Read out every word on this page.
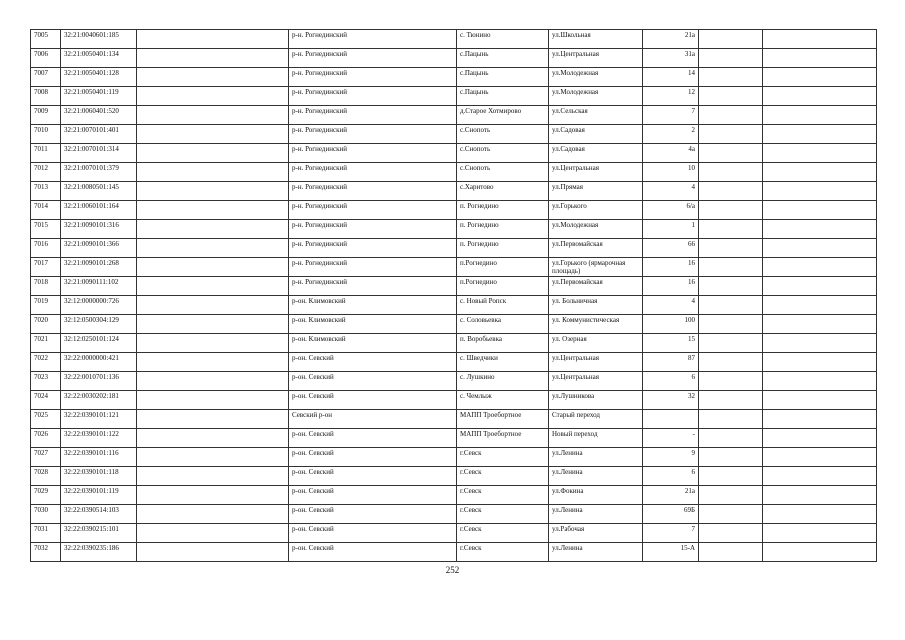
7005	32:21:0040601:185		р-н. Рогнединский	с. Тюнино	ул.Школьная	21а		
7006	32:21:0050401:134		р-н. Рогнединский	с.Пацынь	ул.Центральная	31а		
7007	32:21:0050401:128		р-н. Рогнединский	с.Пацынь	ул.Молодежная	14		
7008	32:21:0050401:119		р-н. Рогнединский	с.Пацынь	ул.Молодежная	12		
7009	32:21:0060401:520		р-н. Рогнединский	д.Старое Хотмирово	ул.Сельская	7		
7010	32:21:0070101:401		р-н. Рогнединский	с.Снопоть	ул.Садовая	2		
7011	32:21:0070101:314		р-н. Рогнединский	с.Снопоть	ул.Садовая	4а		
7012	32:21:0070101:379		р-н. Рогнединский	с.Снопоть	ул.Центральная	10		
7013	32:21:0080501:145		р-н. Рогнединский	с.Харитово	ул.Прямая	4		
7014	32:21:0060101:164		р-н. Рогнединский	п. Рогнедино	ул.Горького	6/а		
7015	32:21:0090101:316		р-н. Рогнединский	п. Рогнедино	ул.Молодежная	1		
7016	32:21:0090101:366		р-н. Рогнединский	п. Рогнедино	ул.Первомайская	66		
7017	32:21:0090101:268		р-н. Рогнединский	п.Рогнедино	ул.Горького (ярмарочная площадь)	16		
7018	32:21:0090111:102		р-н. Рогнединский	п.Рогнедино	ул.Первомайская	16		
7019	32:12:0000000:726		р-он. Климовский	с. Новый Ропск	ул. Больничная	4		
7020	32:12:0500304:129		р-он. Климовский	с. Соловьевка	ул. Коммунистическая	100		
7021	32:12:0250101:124		р-он. Климовский	п. Воробьевка	ул. Озерная	15		
7022	32:22:0000000:421		р-он. Севский	с. Шведчики	ул.Центральная	87		
7023	32:22:0010701:136		р-он. Севский	с. Лушкино	ул.Центральная	6		
7024	32:22:0030202:181		р-он. Севский	с. Чемлыж	ул.Лушникова	32		
7025	32:22:0390101:121		Севский р-он	МАПП Троебортное	Старый переход			
7026	32:22:0390101:122		р-он. Севский	МАПП Троебортное	Новый переход	-		
7027	32:22:0390101:116		р-он. Севский	г.Севск	ул.Ленина	9		
7028	32:22:0390101:118		р-он. Севский	г.Севск	ул.Ленина	6		
7029	32:22:0390101:119		р-он. Севский	г.Севск	ул.Фокина	21а		
7030	32:22:0390514:103		р-он. Севский	г.Севск	ул.Ленина	69Б		
7031	32:22:0390215:101		р-он. Севский	г.Севск	ул.Рабочая	7		
7032	32:22:0390235:186		р-он. Севский	г.Севск	ул.Ленина	15-А		
252
